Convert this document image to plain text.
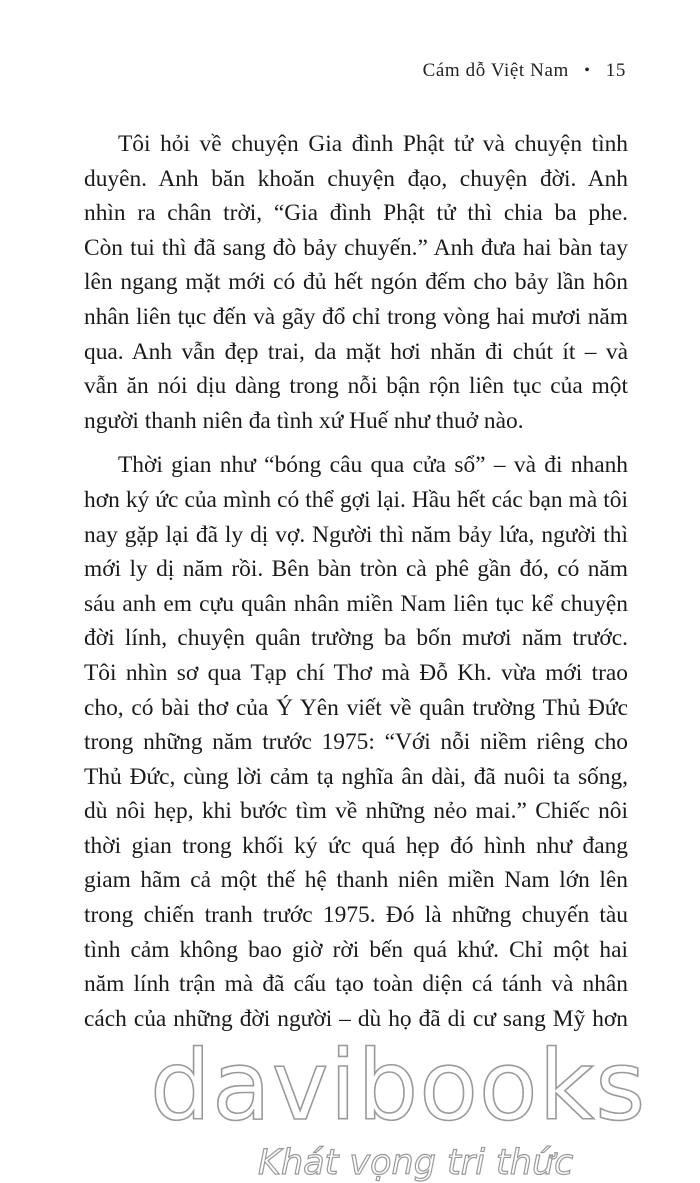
Cám dỗ Việt Nam • 15

Tôi hỏi về chuyện Gia đình Phật tử và chuyện tình
duyên. Anh băn khoăn chuyện đạo, chuyện đời. Anh
nhìn ra chân trời, “Gia đình Phật tử thì chia ba phe.
Còn tui thì đã sang đò bảy chuyến.” Anh đưa hai bàn tay
lên ngang mặt mới có đủ hết ngón đếm cho bảy lần hôn
nhân liên tục đến và gãy đổ chỉ trong vòng hai mươi năm
qua. Anh vẫn đẹp trai, da mặt hơi nhăn đi chút ít – và
vẫn ăn nói dịu dàng trong nỗi bận rộn liên tục của một
người thanh niên đa tình xứ Huế như thuở nào.

Thời gian như “bóng câu qua cửa sổ” – và đi nhanh
hơn ký ức của mình có thể gợi lại. Hầu hết các bạn mà tôi
nay gặp lại đã ly dị vợ. Người thì năm bảy lứa, người thì
mới ly dị năm rồi. Bên bàn tròn cà phê gần đó, có năm
sáu anh em cựu quân nhân miền Nam liên tục kể chuyện
đời lính, chuyện quân trường ba bốn mươi năm trước.
Tôi nhìn sơ qua Tạp chí Thơ mà Đỗ Kh. vừa mới trao
cho, có bài thơ của Ý Yên viết về quân trường Thủ Đức
trong những năm trước 1975: “Với nỗi niềm riêng cho
Thủ Đức, cùng lời cảm tạ nghĩa ân dài, đã nuôi ta sống,
dù nôi hẹp, khi bước tìm về những nẻo mai.” Chiếc nôi
thời gian trong khối ký ức quá hẹp đó hình như đang
giam hãm cả một thế hệ thanh niên miền Nam lớn lên
trong chiến tranh trước 1975. Đó là những chuyến tàu
tình cảm không bao giờ rời bến quá khứ. Chỉ một hai
năm lính trận mà đã cấu tạo toàn diện cá tánh và nhân
cách của những đời người – dù họ đã di cư sang Mỹ hơn

davibooks
Khát vọng tri thức
